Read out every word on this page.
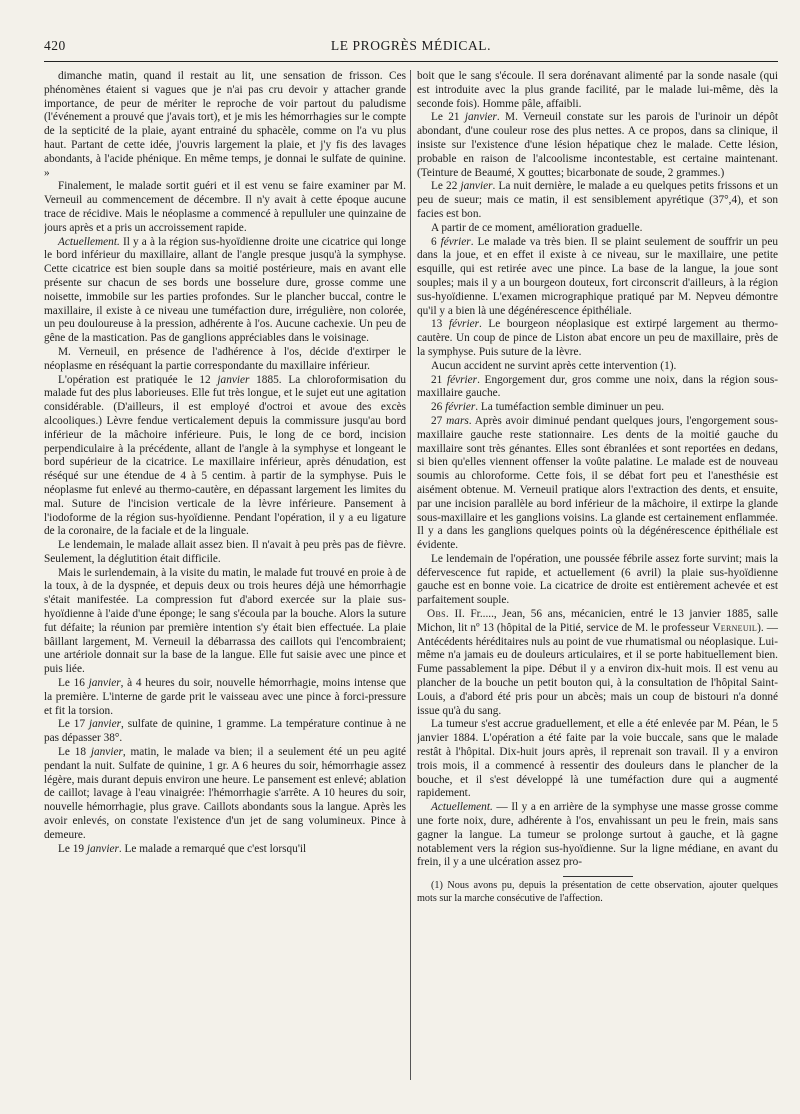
420	LE PROGRÈS MÉDICAL.

dimanche matin, quand il restait au lit, une sensation de frisson. Ces phénomènes étaient si vagues que je n'ai pas cru devoir y attacher grande importance, de peur de mériter le reproche de voir partout du paludisme (l'événement a prouvé que j'avais tort), et je mis les hémorrhagies sur le compte de la septicité de la plaie, ayant entrainé du sphacèle, comme on l'a vu plus haut. Partant de cette idée, j'ouvris largement la plaie, et j'y fis des lavages abondants, à l'acide phénique. En même temps, je donnai le sulfate de quinine. »

Finalement, le malade sortit guéri et il est venu se faire examiner par M. Verneuil au commencement de décembre. Il n'y avait à cette époque aucune trace de récidive. Mais le néoplasme a commencé à repulluler une quinzaine de jours après et a pris un accroissement rapide.

Actuellement. Il y a à la région sus-hyoïdienne droite une cicatrice qui longe le bord inférieur du maxillaire, allant de l'angle presque jusqu'à la symphyse. Cette cicatrice est bien souple dans sa moitié postérieure, mais en avant elle présente sur chacun de ses bords une bosselure dure, grosse comme une noisette, immobile sur les parties profondes. Sur le plancher buccal, contre le maxillaire, il existe à ce niveau une tuméfaction dure, irrégulière, non colorée, un peu douloureuse à la pression, adhérente à l'os. Aucune cachexie. Un peu de gêne de la mastication. Pas de ganglions appréciables dans le voisinage.

M. Verneuil, en présence de l'adhérence à l'os, décide d'extirper le néoplasme en réséquant la partie correspondante du maxillaire inférieur.

L'opération est pratiquée le 12 janvier 1885. La chloroformisation du malade fut des plus laborieuses. Elle fut très longue, et le sujet eut une agitation considérable. (D'ailleurs, il est employé d'octroi et avoue des excès alcooliques.) Lèvre fendue verticalement depuis la commissure jusqu'au bord inférieur de la mâchoire inférieure. Puis, le long de ce bord, incision perpendiculaire à la précédente, allant de l'angle à la symphyse et longeant le bord supérieur de la cicatrice. Le maxillaire inférieur, après dénudation, est réséqué sur une étendue de 4 à 5 centim. à partir de la symphyse. Puis le néoplasme fut enlevé au thermo-cautère, en dépassant largement les limites du mal. Suture de l'incision verticale de la lèvre inférieure. Pansement à l'iodoforme de la région sus-hyoïdienne. Pendant l'opération, il y a eu ligature de la coronaire, de la faciale et de la linguale.

Le lendemain, le malade allait assez bien. Il n'avait à peu près pas de fièvre. Seulement, la déglutition était difficile.

Mais le surlendemain, à la visite du matin, le malade fut trouvé en proie à de la toux, à de la dyspnée, et depuis deux ou trois heures déjà une hémorrhagie s'était manifestée. La compression fut d'abord exercée sur la plaie sus-hyoïdienne à l'aide d'une éponge; le sang s'écoula par la bouche. Alors la suture fut défaite; la réunion par première intention s'y était bien effectuée. La plaie bâillant largement, M. Verneuil la débarrassa des caillots qui l'encombraient; une artériole donnait sur la base de la langue. Elle fut saisie avec une pince et puis liée.

Le 16 janvier, à 4 heures du soir, nouvelle hémorrhagie, moins intense que la première. L'interne de garde prit le vaisseau avec une pince à forci-pressure et fit la torsion.

Le 17 janvier, sulfate de quinine, 1 gramme. La température continue à ne pas dépasser 38°.

Le 18 janvier, matin, le malade va bien; il a seulement été un peu agité pendant la nuit. Sulfate de quinine, 1 gr. A 6 heures du soir, hémorrhagie assez légère, mais durant depuis environ une heure. Le pansement est enlevé; ablation de caillot; lavage à l'eau vinaigrée: l'hémorrhagie s'arrête. A 10 heures du soir, nouvelle hémorrhagie, plus grave. Caillots abondants sous la langue. Après les avoir enlevés, on constate l'existence d'un jet de sang volumineux. Pince à demeure.

Le 19 janvier. Le malade a remarqué que c'est lorsqu'il

boit que le sang s'écoule. Il sera dorénavant alimenté par la sonde nasale (qui est introduite avec la plus grande facilité, par le malade lui-même, dès la seconde fois). Homme pâle, affaibli.

Le 21 janvier. M. Verneuil constate sur les parois de l'urinoir un dépôt abondant, d'une couleur rose des plus nettes. A ce propos, dans sa clinique, il insiste sur l'existence d'une lésion hépatique chez le malade. Cette lésion, probable en raison de l'alcoolisme incontestable, est certaine maintenant. (Teinture de Beaumé, X gouttes; bicarbonate de soude, 2 grammes.)

Le 22 janvier. La nuit dernière, le malade a eu quelques petits frissons et un peu de sueur; mais ce matin, il est sensiblement apyrétique (37°,4), et son facies est bon.

A partir de ce moment, amélioration graduelle.

6 février. Le malade va très bien. Il se plaint seulement de souffrir un peu dans la joue, et en effet il existe à ce niveau, sur le maxillaire, une petite esquille, qui est retirée avec une pince. La base de la langue, la joue sont souples; mais il y a un bourgeon douteux, fort circonscrit d'ailleurs, à la région sus-hyoïdienne. L'examen micrographique pratiqué par M. Nepveu démontre qu'il y a bien là une dégénérescence épithéliale.

13 février. Le bourgeon néoplasique est extirpé largement au thermo-cautère. Un coup de pince de Liston abat encore un peu de maxillaire, près de la symphyse. Puis suture de la lèvre.

Aucun accident ne survint après cette intervention (1).

21 février. Engorgement dur, gros comme une noix, dans la région sous-maxillaire gauche.

26 février. La tuméfaction semble diminuer un peu.

27 mars. Après avoir diminué pendant quelques jours, l'engorgement sous-maxillaire gauche reste stationnaire. Les dents de la moitié gauche du maxillaire sont très génantes. Elles sont ébranlées et sont reportées en dedans, si bien qu'elles viennent offenser la voûte palatine. Le malade est de nouveau soumis au chloroforme. Cette fois, il se débat fort peu et l'anesthésie est aisément obtenue. M. Verneuil pratique alors l'extraction des dents, et ensuite, par une incision parallèle au bord inférieur de la mâchoire, il extirpe la glande sous-maxillaire et les ganglions voisins. La glande est certainement enflammée. Il y a dans les ganglions quelques points où la dégénérescence épithéliale est évidente.

Le lendemain de l'opération, une poussée fébrile assez forte survint; mais la défervescence fut rapide, et actuellement (6 avril) la plaie sus-hyoïdienne gauche est en bonne voie. La cicatrice de droite est entièrement achevée et est parfaitement souple.

Obs. II. Fr....., Jean, 56 ans, mécanicien, entré le 13 janvier 1885, salle Michon, lit nº 13 (hôpital de la Pitié, service de M. le professeur Verneuil). — Antécédents héréditaires nuls au point de vue rhumatismal ou néoplasique. Lui-même n'a jamais eu de douleurs articulaires, et il se porte habituellement bien. Fume passablement la pipe. Début il y a environ dix-huit mois. Il est venu au plancher de la bouche un petit bouton qui, à la consultation de l'hôpital Saint-Louis, a d'abord été pris pour un abcès; mais un coup de bistouri n'a donné issue qu'à du sang.

La tumeur s'est accrue graduellement, et elle a été enlevée par M. Péan, le 5 janvier 1884. L'opération a été faite par la voie buccale, sans que le malade restât à l'hôpital. Dix-huit jours après, il reprenait son travail. Il y a environ trois mois, il a commencé à ressentir des douleurs dans le plancher de la bouche, et il s'est développé là une tuméfaction dure qui a augmenté rapidement.

Actuellement. — Il y a en arrière de la symphyse une masse grosse comme une forte noix, dure, adhérente à l'os, envahissant un peu le frein, mais sans gagner la langue. La tumeur se prolonge surtout à gauche, et là gagne notablement vers la région sus-hyoïdienne. Sur la ligne médiane, en avant du frein, il y a une ulcération assez pro-

(1) Nous avons pu, depuis la présentation de cette observation, ajouter quelques mots sur la marche consécutive de l'affection.
